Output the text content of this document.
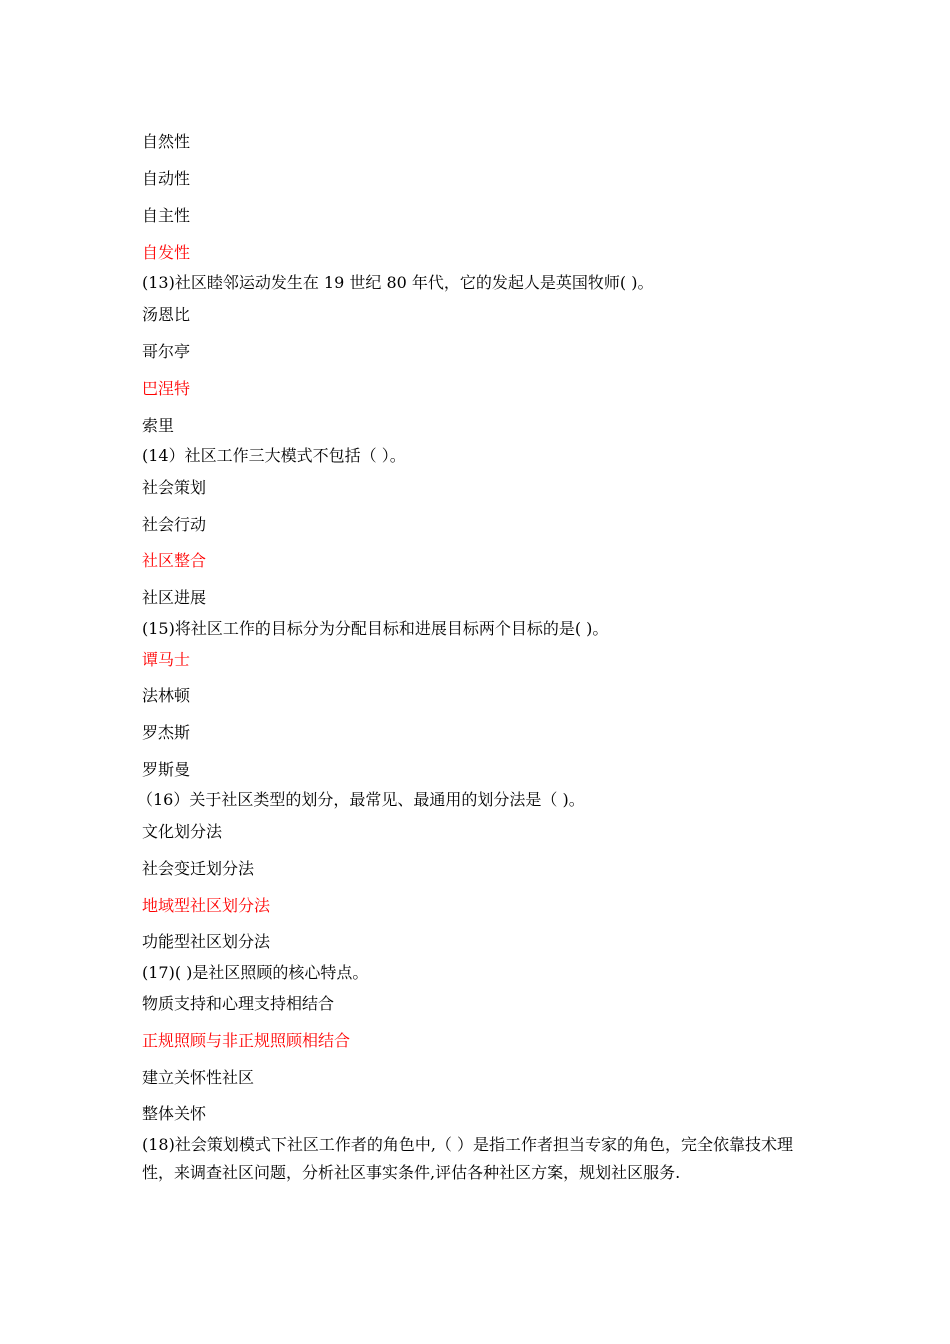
自然性
自动性
自主性
自发性
(13)社区睦邻运动发生在 19 世纪 80 年代，它的发起人是英国牧师( )。
汤恩比
哥尔亭
巴涅特
索里
(14）社区工作三大模式不包括（ ）。
社会策划
社会行动
社区整合
社区进展
(15)将社区工作的目标分为分配目标和进展目标两个目标的是( )。
谭马士
法林顿
罗杰斯
罗斯曼
（16）关于社区类型的划分，最常见、最通用的划分法是（ )。
文化划分法
社会变迁划分法
地域型社区划分法
功能型社区划分法
(17)( )是社区照顾的核心特点。
物质支持和心理支持相结合
正规照顾与非正规照顾相结合
建立关怀性社区
整体关怀
(18)社会策划模式下社区工作者的角色中,（ ）是指工作者担当专家的角色，完全依靠技术理性，来调查社区问题，分析社区事实条件,评估各种社区方案，规划社区服务.
